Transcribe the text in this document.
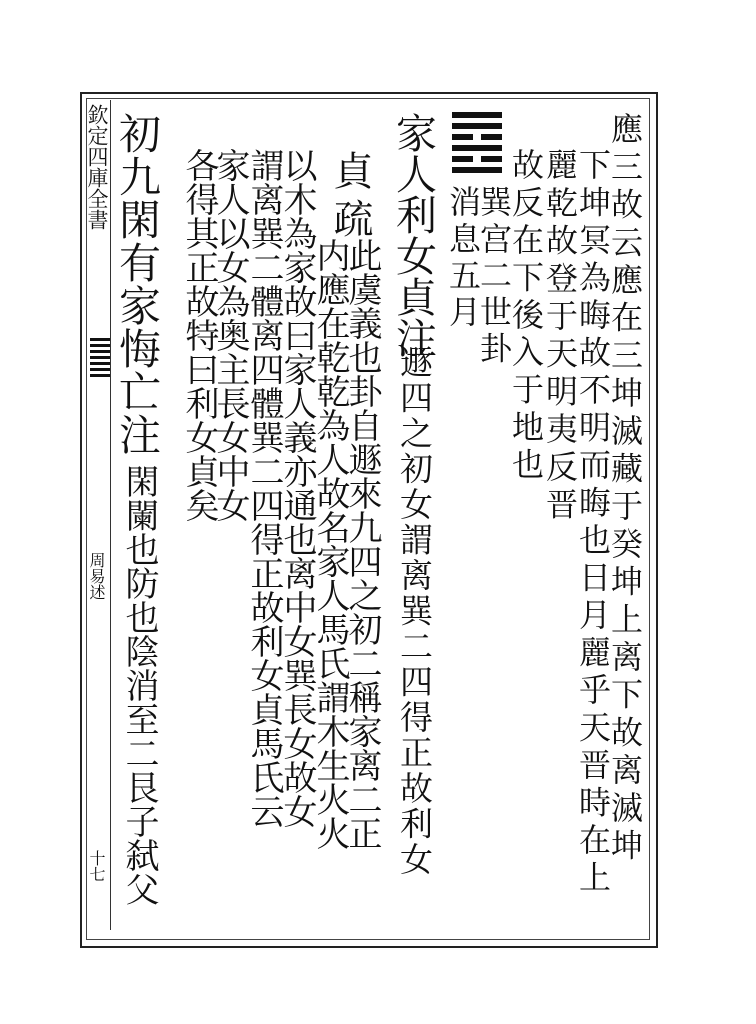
欽定四庫全書
周易述
十七	應三故云應在三坤滅藏于癸坤上离下故离滅坤
下坤冥為晦故不明而晦也日月麗乎天晋時在上
麗乾故登于天明夷反晋
故反在下後入于地也
巽宫二世卦
消息五月
家人利女貞注
遯四之初女謂离巽二四得正故利女
貞疏
此虞義也卦自遯來九四之初二稱家离二正
内應在乾乾為人故名家人馬氏謂木生火火
以木為家故曰家人義亦通也离中女巽長女故女
謂离巽二體离四體巽二四得正故利女貞馬氏云
家人以女為奥主長女中女
各得其正故特曰利女貞矣
初九閑有家悔亡注
閑闌也防也陰消至二艮子弑父
